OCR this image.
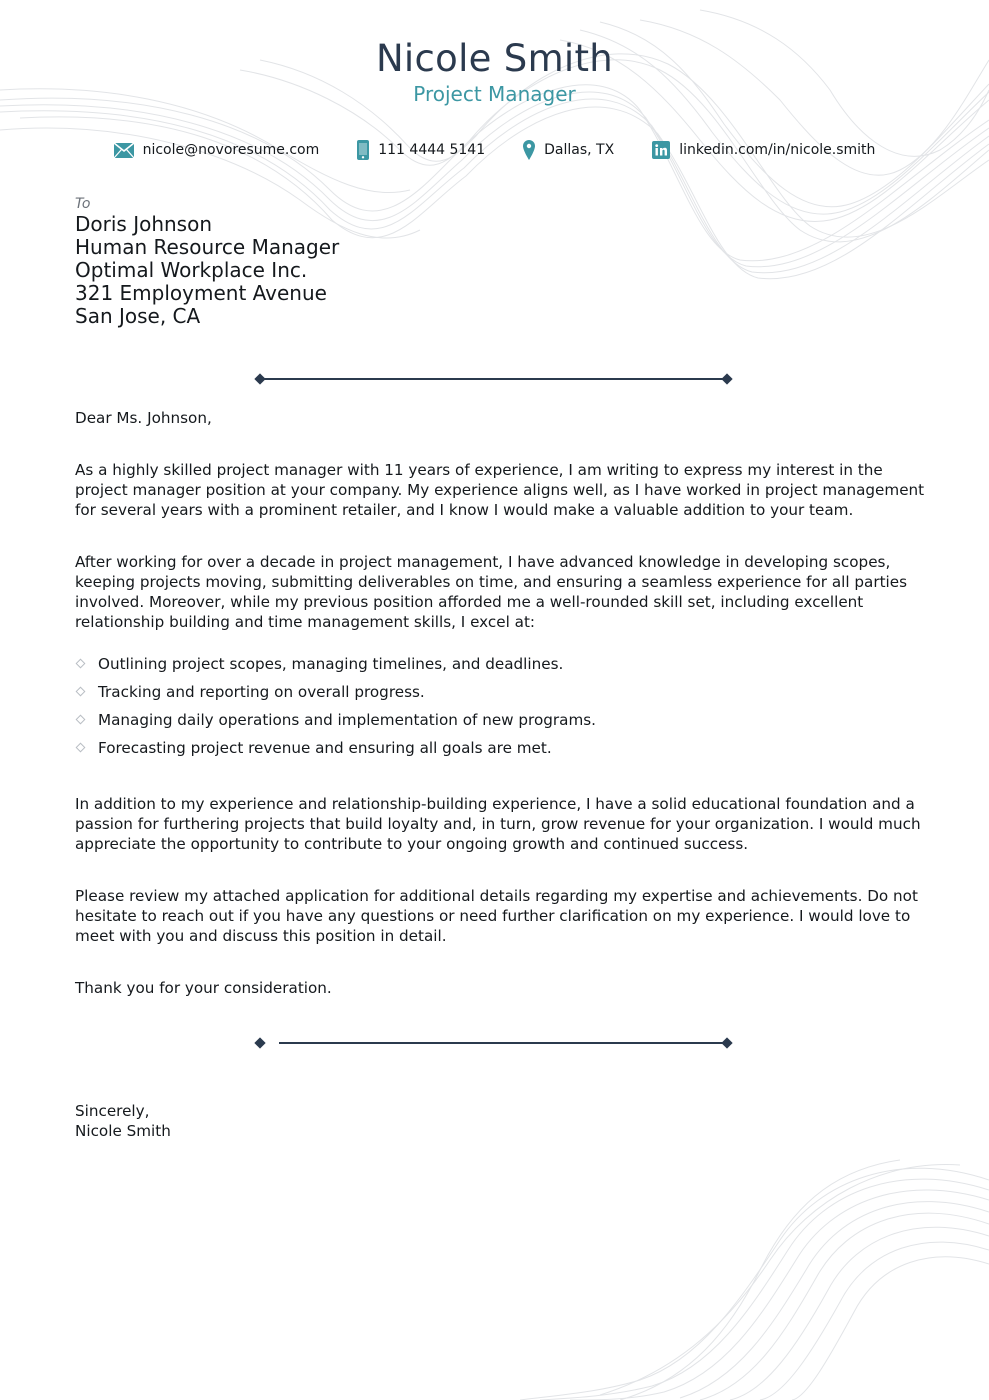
Nicole Smith
Project Manager
nicole@novoresume.com	111 4444 5141	Dallas, TX	linkedin.com/in/nicole.smith
To
Doris Johnson
Human Resource Manager
Optimal Workplace Inc.
321 Employment Avenue
San Jose, CA

Dear Ms. Johnson,

As a highly skilled project manager with 11 years of experience, I am writing to express my interest in the project manager position at your company. My experience aligns well, as I have worked in project management for several years with a prominent retailer, and I know I would make a valuable addition to your team.

After working for over a decade in project management, I have advanced knowledge in developing scopes, keeping projects moving, submitting deliverables on time, and ensuring a seamless experience for all parties involved. Moreover, while my previous position afforded me a well-rounded skill set, including excellent relationship building and time management skills, I excel at:

Outlining project scopes, managing timelines, and deadlines.
Tracking and reporting on overall progress.
Managing daily operations and implementation of new programs.
Forecasting project revenue and ensuring all goals are met.

In addition to my experience and relationship-building experience, I have a solid educational foundation and a passion for furthering projects that build loyalty and, in turn, grow revenue for your organization. I would much appreciate the opportunity to contribute to your ongoing growth and continued success.

Please review my attached application for additional details regarding my expertise and achievements. Do not hesitate to reach out if you have any questions or need further clarification on my experience. I would love to meet with you and discuss this position in detail.

Thank you for your consideration.

Sincerely,
Nicole Smith
